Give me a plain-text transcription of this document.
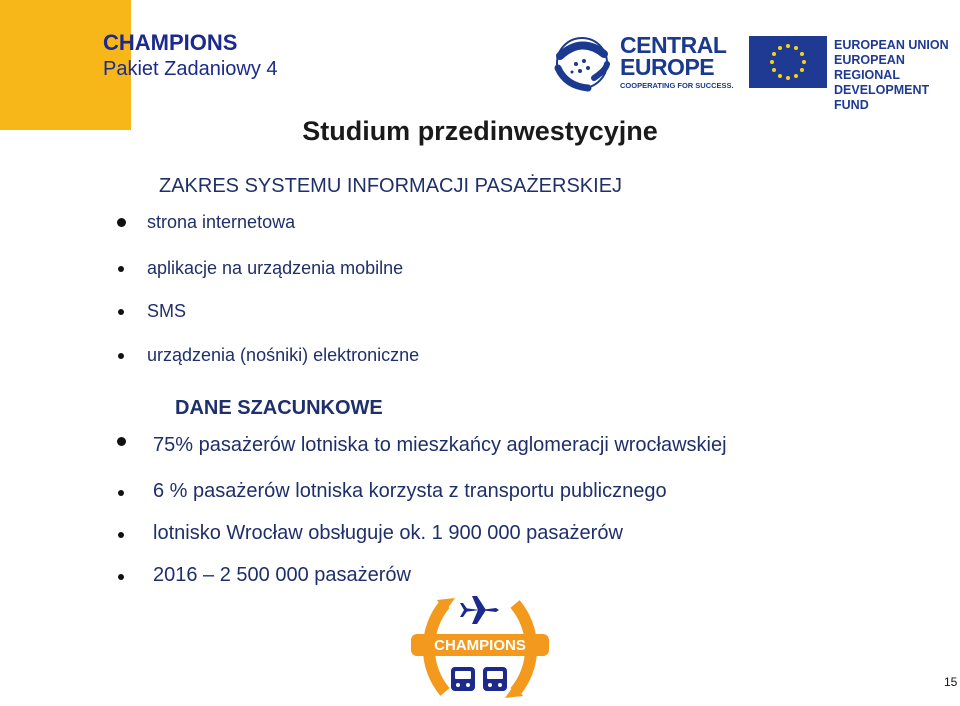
CHAMPIONS
Pakiet Zadaniowy 4
CENTRAL
EUROPE
COOPERATING FOR SUCCESS.
EUROPEAN UNION
EUROPEAN REGIONAL
DEVELOPMENT FUND
Studium przedinwestycyjne
ZAKRES SYSTEMU INFORMACJI PASAŻERSKIEJ
strona internetowa
aplikacje na urządzenia mobilne
SMS
urządzenia (nośniki) elektroniczne
DANE SZACUNKOWE
75% pasażerów lotniska to mieszkańcy aglomeracji wrocławskiej
6 % pasażerów lotniska korzysta z transportu publicznego
lotnisko Wrocław obsługuje ok. 1 900 000 pasażerów
2016 – 2 500 000 pasażerów
CHAMPIONS
15
